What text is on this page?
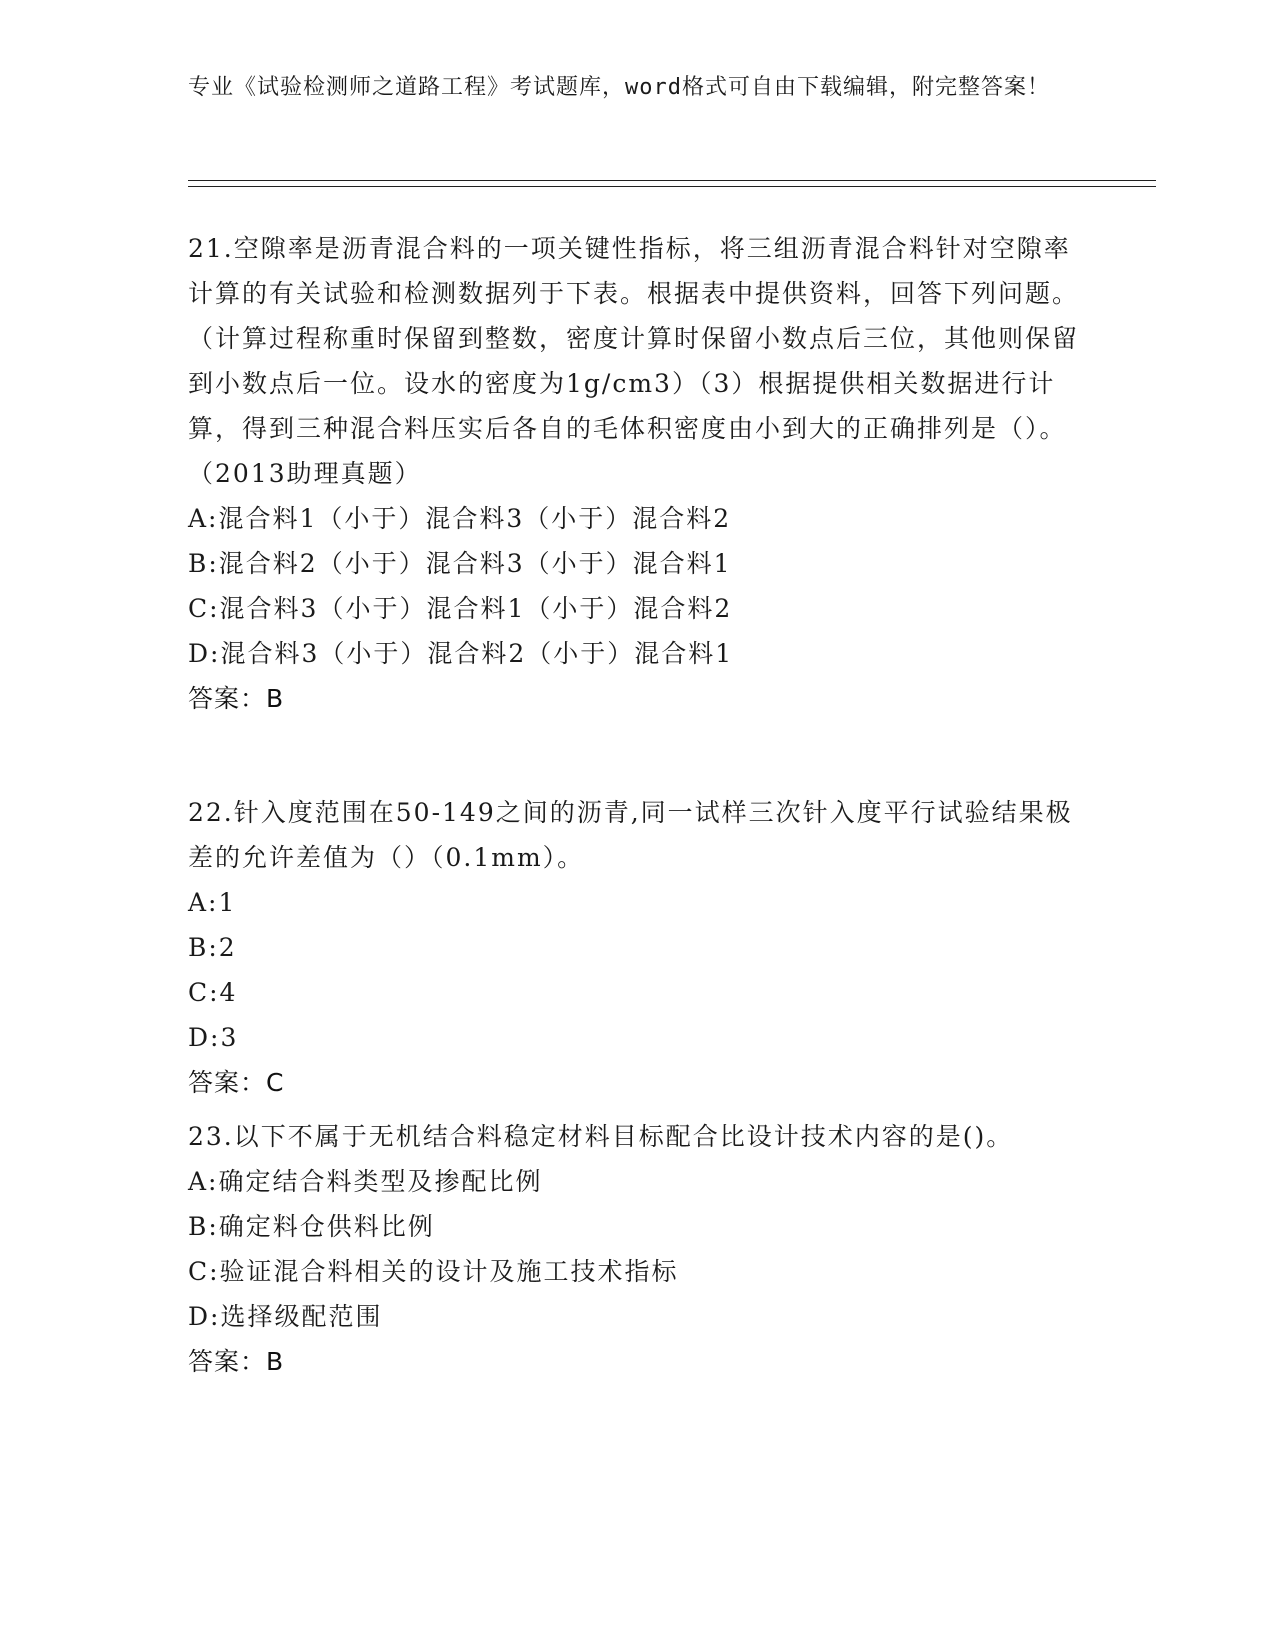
专业《试验检测师之道路工程》考试题库，word格式可自由下载编辑，附完整答案！

21.空隙率是沥青混合料的一项关键性指标，将三组沥青混合料针对空隙率计算的有关试验和检测数据列于下表。根据表中提供资料，回答下列问题。（计算过程称重时保留到整数，密度计算时保留小数点后三位，其他则保留到小数点后一位。设水的密度为1g/cm3）（3）根据提供相关数据进行计算，得到三种混合料压实后各自的毛体积密度由小到大的正确排列是（）。（2013助理真题）

A:混合料1（小于）混合料3（小于）混合料2

B:混合料2（小于）混合料3（小于）混合料1

C:混合料3（小于）混合料1（小于）混合料2

D:混合料3（小于）混合料2（小于）混合料1

答案：B

22.针入度范围在50-149之间的沥青,同一试样三次针入度平行试验结果极差的允许差值为（）（0.1mm）。

A:1

B:2

C:4

D:3

答案：C

23.以下不属于无机结合料稳定材料目标配合比设计技术内容的是()。

A:确定结合料类型及掺配比例

B:确定料仓供料比例

C:验证混合料相关的设计及施工技术指标

D:选择级配范围

答案：B
